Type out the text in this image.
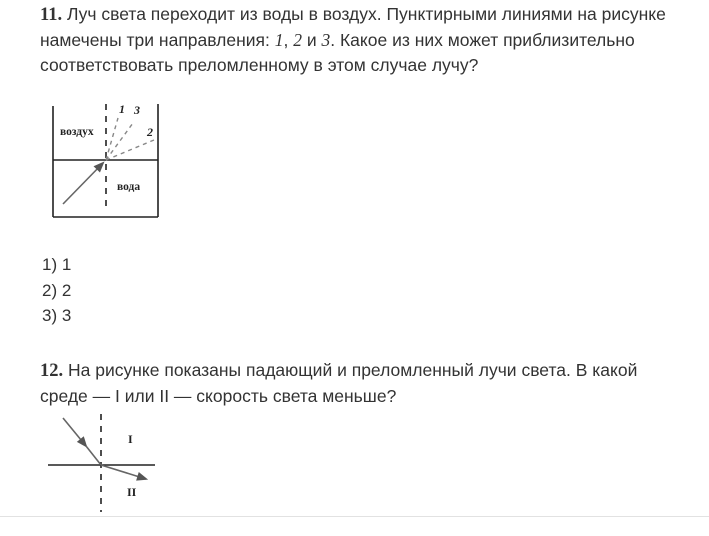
11. Луч света переходит из воды в воздух. Пунктирными линиями на рисунке намечены три направления: 1, 2 и 3. Какое из них может приблизительно соответствовать преломленному в этом случае лучу?
воздух
вода
1 3
2
I
II
1) 1
2) 2
3) 3
12. На рисунке показаны падающий и преломленный лучи света. В какой среде — I или II — скорость света меньше?
